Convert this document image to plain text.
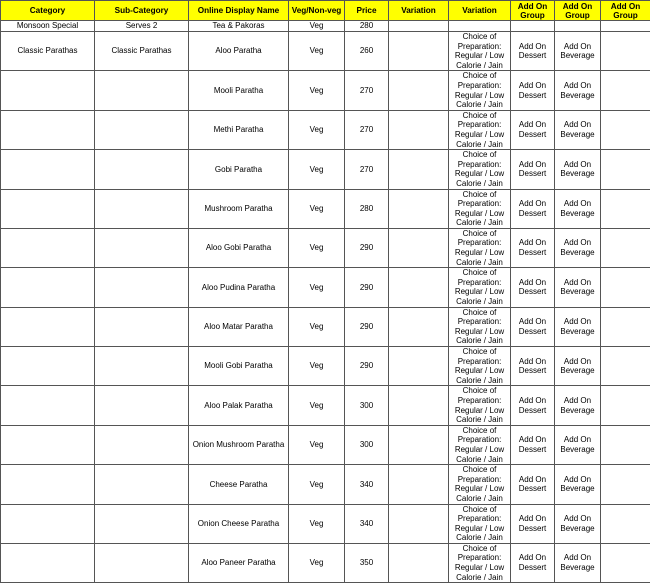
Category	Sub-Category	Online Display Name	Veg/Non-veg	Price	Variation	Variation	Add On Group	Add On Group	Add On Group
Monsoon Special	Serves 2	Tea & Pakoras	Veg	280					
Classic Parathas	Classic Parathas	Aloo Paratha	Veg	260		Choice of Preparation: Regular / Low Calorie / Jain	Add On Dessert	Add On Beverage	
		Mooli Paratha	Veg	270		Choice of Preparation: Regular / Low Calorie / Jain	Add On Dessert	Add On Beverage	
		Methi Paratha	Veg	270		Choice of Preparation: Regular / Low Calorie / Jain	Add On Dessert	Add On Beverage	
		Gobi Paratha	Veg	270		Choice of Preparation: Regular / Low Calorie / Jain	Add On Dessert	Add On Beverage	
		Mushroom Paratha	Veg	280		Choice of Preparation: Regular / Low Calorie / Jain	Add On Dessert	Add On Beverage	
		Aloo Gobi Paratha	Veg	290		Choice of Preparation: Regular / Low Calorie / Jain	Add On Dessert	Add On Beverage	
		Aloo Pudina Paratha	Veg	290		Choice of Preparation: Regular / Low Calorie / Jain	Add On Dessert	Add On Beverage	
		Aloo Matar Paratha	Veg	290		Choice of Preparation: Regular / Low Calorie / Jain	Add On Dessert	Add On Beverage	
		Mooli Gobi Paratha	Veg	290		Choice of Preparation: Regular / Low Calorie / Jain	Add On Dessert	Add On Beverage	
		Aloo Palak Paratha	Veg	300		Choice of Preparation: Regular / Low Calorie / Jain	Add On Dessert	Add On Beverage	
		Onion Mushroom Paratha	Veg	300		Choice of Preparation: Regular / Low Calorie / Jain	Add On Dessert	Add On Beverage	
		Cheese Paratha	Veg	340		Choice of Preparation: Regular / Low Calorie / Jain	Add On Dessert	Add On Beverage	
		Onion Cheese Paratha	Veg	340		Choice of Preparation: Regular / Low Calorie / Jain	Add On Dessert	Add On Beverage	
		Aloo Paneer Paratha	Veg	350		Choice of Preparation: Regular / Low Calorie / Jain	Add On Dessert	Add On Beverage	
